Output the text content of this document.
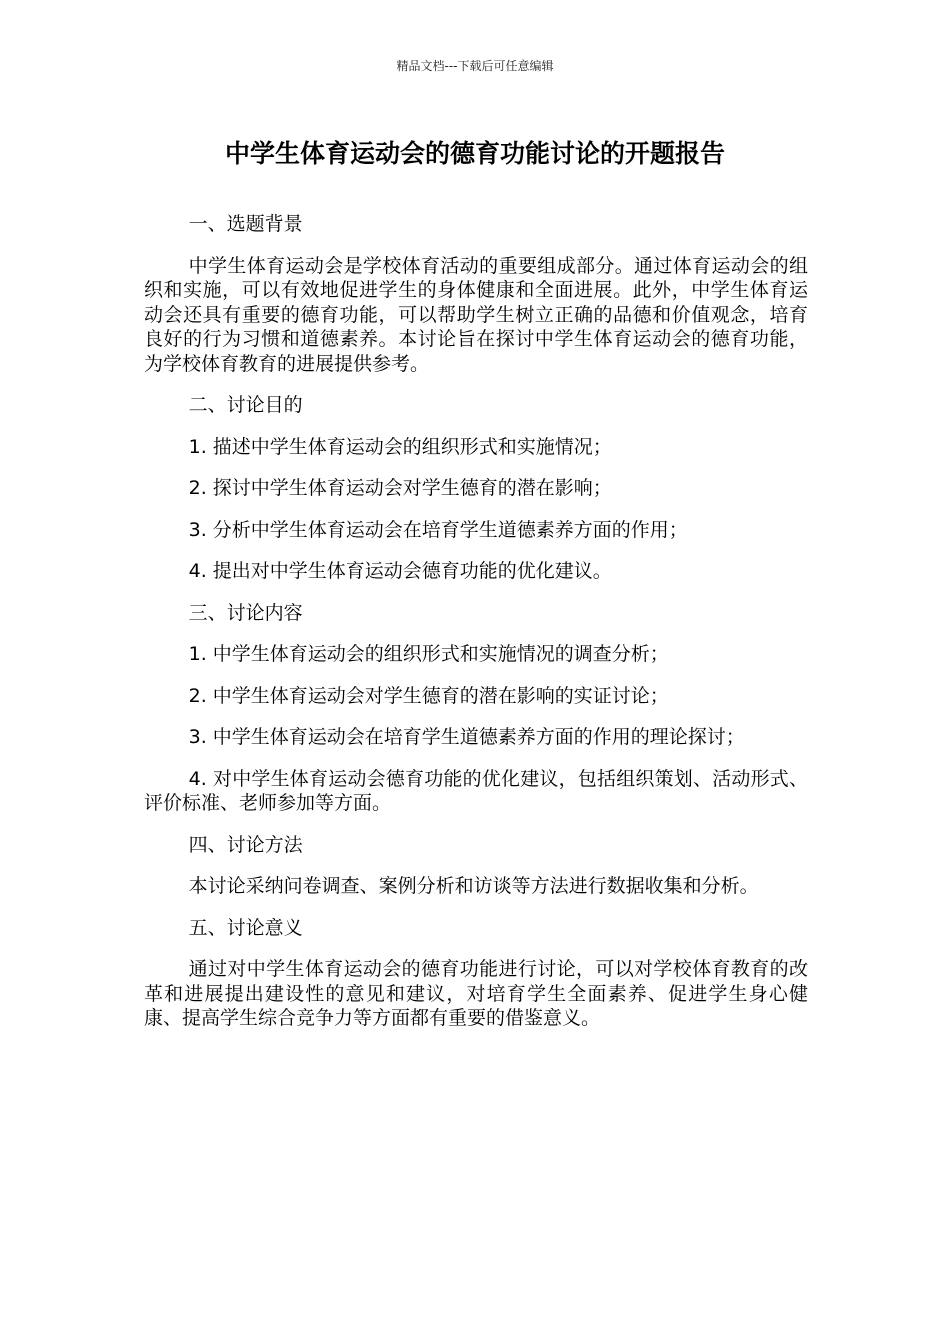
精品文档---下载后可任意编辑
中学生体育运动会的德育功能讨论的开题报告

一、选题背景

中学生体育运动会是学校体育活动的重要组成部分。通过体育运动会的组织和实施，可以有效地促进学生的身体健康和全面进展。此外，中学生体育运动会还具有重要的德育功能，可以帮助学生树立正确的品德和价值观念，培育良好的行为习惯和道德素养。本讨论旨在探讨中学生体育运动会的德育功能，为学校体育教育的进展提供参考。

二、讨论目的

1. 描述中学生体育运动会的组织形式和实施情况；

2. 探讨中学生体育运动会对学生德育的潜在影响；

3. 分析中学生体育运动会在培育学生道德素养方面的作用；

4. 提出对中学生体育运动会德育功能的优化建议。

三、讨论内容

1. 中学生体育运动会的组织形式和实施情况的调查分析；

2. 中学生体育运动会对学生德育的潜在影响的实证讨论；

3. 中学生体育运动会在培育学生道德素养方面的作用的理论探讨；

4. 对中学生体育运动会德育功能的优化建议，包括组织策划、活动形式、评价标准、老师参加等方面。

四、讨论方法

本讨论采纳问卷调查、案例分析和访谈等方法进行数据收集和分析。

五、讨论意义

通过对中学生体育运动会的德育功能进行讨论，可以对学校体育教育的改革和进展提出建设性的意见和建议，对培育学生全面素养、促进学生身心健康、提高学生综合竞争力等方面都有重要的借鉴意义。
